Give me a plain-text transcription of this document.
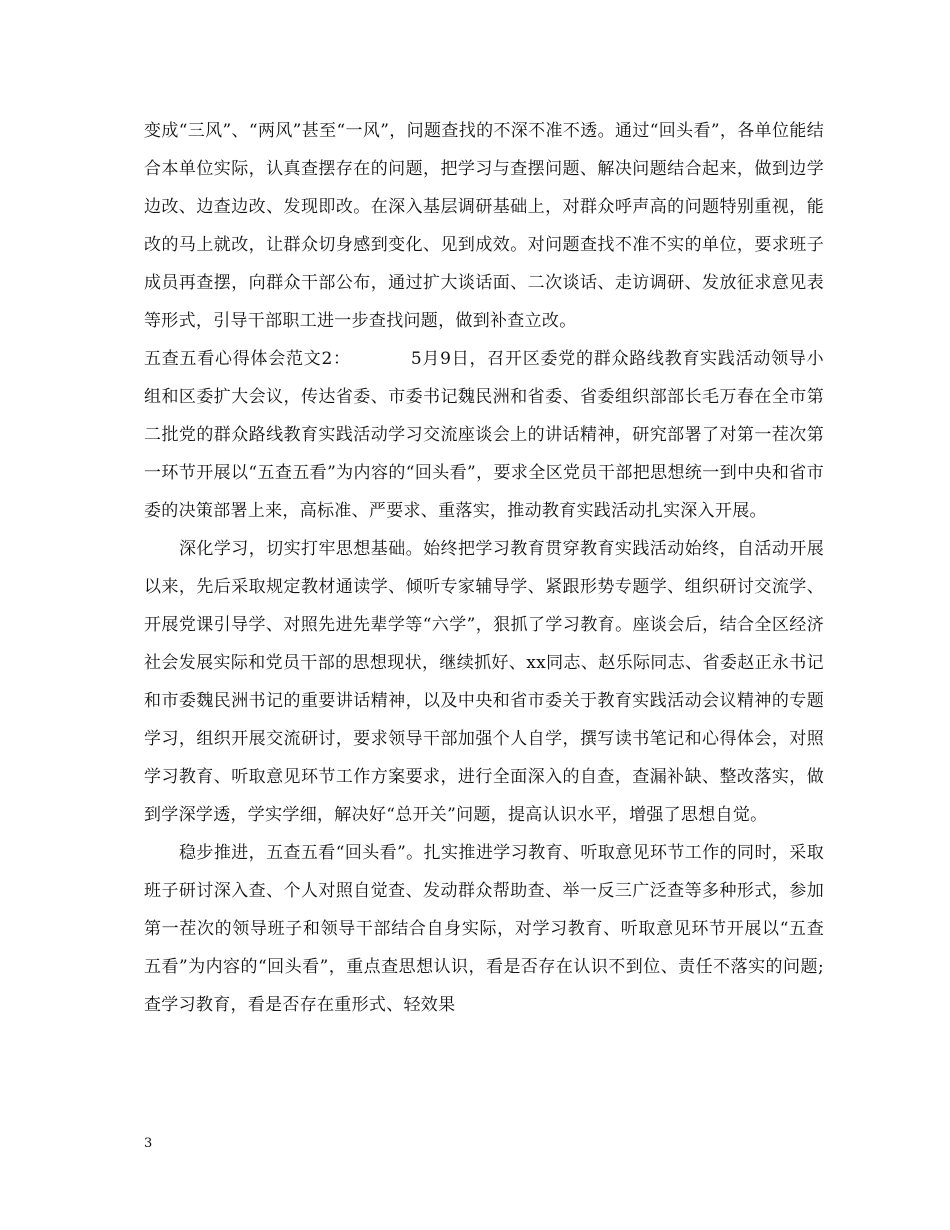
变成“三风”、“两风”甚至“一风”，问题查找的不深不准不透。通过“回头看”，各单位能结合本单位实际，认真查摆存在的问题，把学习与查摆问题、解决问题结合起来，做到边学边改、边查边改、发现即改。在深入基层调研基础上，对群众呼声高的问题特别重视，能改的马上就改，让群众切身感到变化、见到成效。对问题查找不准不实的单位，要求班子成员再查摆，向群众干部公布，通过扩大谈话面、二次谈话、走访调研、发放征求意见表等形式，引导干部职工进一步查找问题，做到补查立改。

五查五看心得体会范文2：	5月9日，召开区委党的群众路线教育实践活动领导小组和区委扩大会议，传达省委、市委书记魏民洲和省委、省委组织部部长毛万春在全市第二批党的群众路线教育实践活动学习交流座谈会上的讲话精神，研究部署了对第一茬次第一环节开展以“五查五看”为内容的“回头看”，要求全区党员干部把思想统一到中央和省市委的决策部署上来，高标准、严要求、重落实，推动教育实践活动扎实深入开展。

深化学习，切实打牢思想基础。始终把学习教育贯穿教育实践活动始终，自活动开展以来，先后采取规定教材通读学、倾听专家辅导学、紧跟形势专题学、组织研讨交流学、开展党课引导学、对照先进先辈学等“六学”，狠抓了学习教育。座谈会后，结合全区经济社会发展实际和党员干部的思想现状，继续抓好、xx同志、赵乐际同志、省委赵正永书记和市委魏民洲书记的重要讲话精神，以及中央和省市委关于教育实践活动会议精神的专题学习，组织开展交流研讨，要求领导干部加强个人自学，撰写读书笔记和心得体会，对照学习教育、听取意见环节工作方案要求，进行全面深入的自查，查漏补缺、整改落实，做到学深学透，学实学细，解决好“总开关”问题，提高认识水平，增强了思想自觉。

稳步推进，五查五看“回头看”。扎实推进学习教育、听取意见环节工作的同时，采取班子研讨深入查、个人对照自觉查、发动群众帮助查、举一反三广泛查等多种形式，参加第一茬次的领导班子和领导干部结合自身实际，对学习教育、听取意见环节开展以“五查五看”为内容的“回头看”，重点查思想认识，看是否存在认识不到位、责任不落实的问题;查学习教育，看是否存在重形式、轻效果

3
